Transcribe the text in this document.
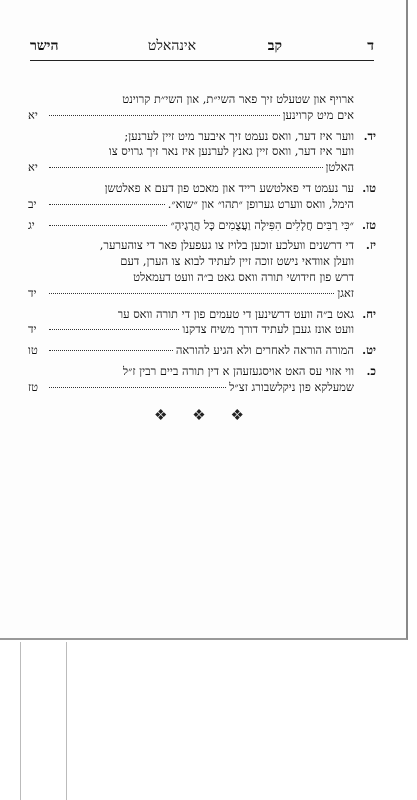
ד
קב
אינהאלט
הישר
ארויף און שטעלט זיך פאר השי״ת, און השי״ת קרוינט
אים מיט קרוינען
יא
יד.
ווער איז דער, וואס נעמט זיך איבער מיט זיין לערנען;
ווער איז דער, וואס זיין גאנץ לערנען איז נאר זיך גרויס צו
האלטן
יא
טו.
ער נעמט די פאלטשע רייד און מאכט פון דעם א פאלטשן
הימל, וואס ווערט גערופן ״תהו״ און ״שוא״.
יב
טז.
״כִּי רַבִּים חֲלָלִים הִפִּילָה וַעֲצֻמִים כָּל הֲרֻגֶיהָ״
יג
יז.
די דרשנים וועלכע זוכען בלויז צו געפעלן פאר די צוהערער,
וועלן אוודאי נישט זוכה זיין לעתיד לבוא צו הערן, דעם
דרש פון חידושי תורה וואס גאט ב״ה וועט דעמאלט
זאגן
יד
יח.
גאט ב״ה וועט דרשינען די טעמים פון די תורה וואס ער
וועט אונז געבן לעתיד דורך משיח צדקנו
יד
יט.
המורה הוראה לאחרים ולא הגיע להוראה
טו
כ.
ווי אזוי עס האט אויסגעזעהן א דין תורה ביים רבין ז״ל
שמעלקא פון ניקלשבורג זצ״ל
טז
❖ ❖ ❖
